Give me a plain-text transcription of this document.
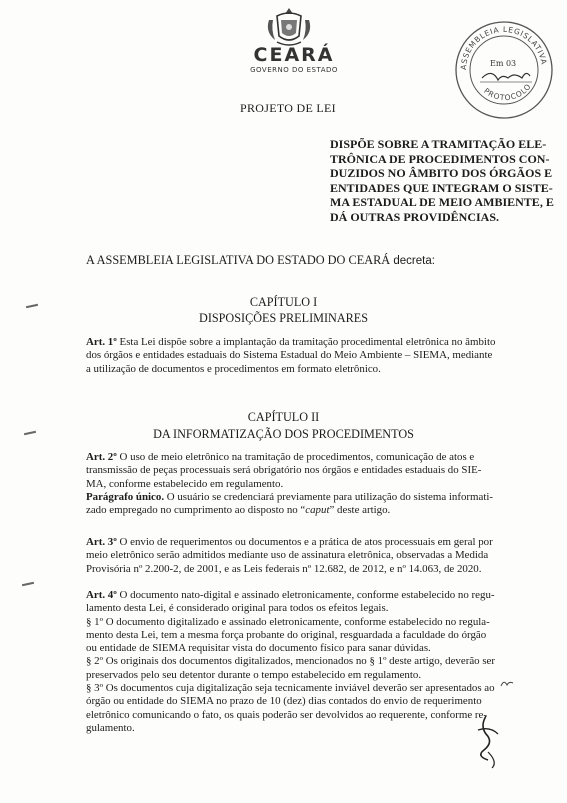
CEARÁ
GOVERNO DO ESTADO	ASSEMBLEIA LEGISLATIVA
PROTOCOLO
Em 03
PROJETO DE LEI
DISPÕE SOBRE A TRAMITAÇÃO ELE-
TRÔNICA DE PROCEDIMENTOS CON-
DUZIDOS NO ÂMBITO DOS ÓRGÃOS E
ENTIDADES QUE INTEGRAM O SISTE-
MA ESTADUAL DE MEIO AMBIENTE, E
DÁ OUTRAS PROVIDÊNCIAS.
A ASSEMBLEIA LEGISLATIVA DO ESTADO DO CEARÁ decreta:
CAPÍTULO I
DISPOSIÇÕES PRELIMINARES
Art. 1º Esta Lei dispõe sobre a implantação da tramitação procedimental eletrônica no âmbito
dos órgãos e entidades estaduais do Sistema Estadual do Meio Ambiente – SIEMA, mediante
a utilização de documentos e procedimentos em formato eletrônico.
CAPÍTULO II
DA INFORMATIZAÇÃO DOS PROCEDIMENTOS
Art. 2º O uso de meio eletrônico na tramitação de procedimentos, comunicação de atos e
transmissão de peças processuais será obrigatório nos órgãos e entidades estaduais do SIE-
MA, conforme estabelecido em regulamento.
Parágrafo único. O usuário se credenciará previamente para utilização do sistema informati-
zado empregado no cumprimento ao disposto no “caput” deste artigo.
Art. 3º O envio de requerimentos ou documentos e a prática de atos processuais em geral por
meio eletrônico serão admitidos mediante uso de assinatura eletrônica, observadas a Medida
Provisória nº 2.200-2, de 2001, e as Leis federais nº 12.682, de 2012, e nº 14.063, de 2020.
Art. 4º O documento nato-digital e assinado eletronicamente, conforme estabelecido no regu-
lamento desta Lei, é considerado original para todos os efeitos legais.
§ 1º O documento digitalizado e assinado eletronicamente, conforme estabelecido no regula-
mento desta Lei, tem a mesma força probante do original, resguardada a faculdade do órgão
ou entidade de SIEMA requisitar vista do documento físico para sanar dúvidas.
§ 2º Os originais dos documentos digitalizados, mencionados no § 1º deste artigo, deverão ser
preservados pelo seu detentor durante o tempo estabelecido em regulamento.
§ 3º Os documentos cuja digitalização seja tecnicamente inviável deverão ser apresentados ao
órgão ou entidade do SIEMA no prazo de 10 (dez) dias contados do envio de requerimento
eletrônico comunicando o fato, os quais poderão ser devolvidos ao requerente, conforme re-
gulamento.
